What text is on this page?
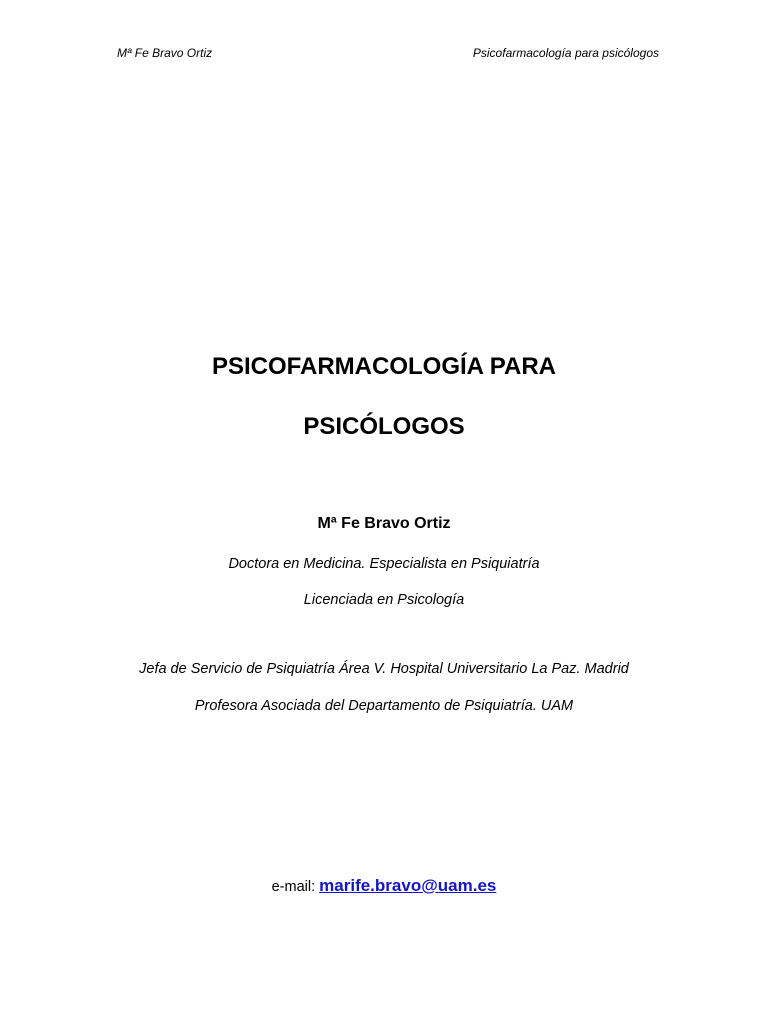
Mª Fe Bravo Ortiz	Psicofarmacología para psicólogos
PSICOFARMACOLOGÍA PARA
PSICÓLOGOS
Mª Fe Bravo Ortiz
Doctora en Medicina. Especialista en Psiquiatría
Licenciada en Psicología
Jefa de Servicio de Psiquiatría Área V. Hospital Universitario La Paz. Madrid
Profesora Asociada del Departamento de Psiquiatría. UAM
e-mail: marife.bravo@uam.es
